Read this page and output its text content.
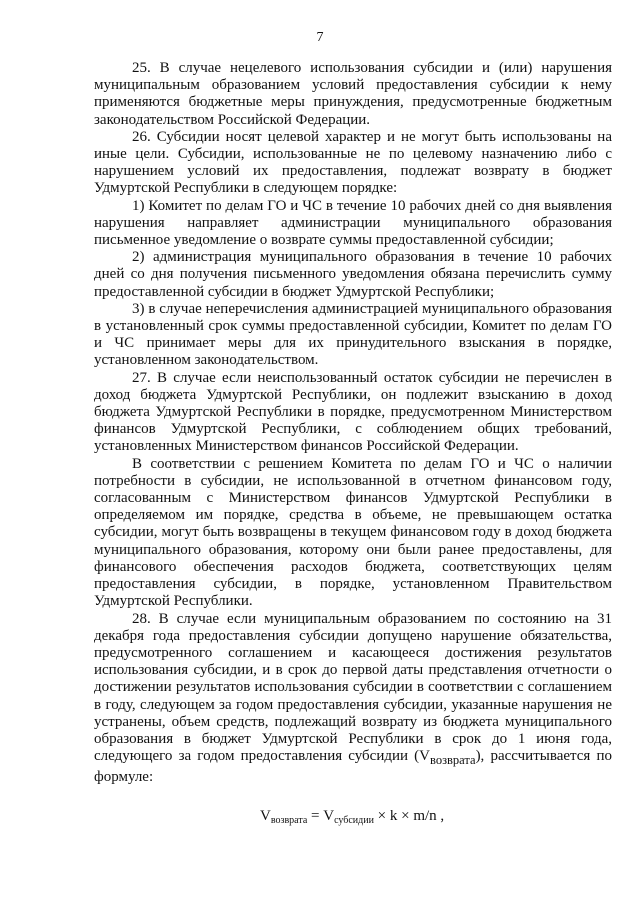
7

25. В случае нецелевого использования субсидии и (или) нарушения муниципальным образованием условий предоставления субсидии к нему применяются бюджетные меры принуждения, предусмотренные бюджетным законодательством Российской Федерации.

26. Субсидии носят целевой характер и не могут быть использованы на иные цели. Субсидии, использованные не по целевому назначению либо с нарушением условий их предоставления, подлежат возврату в бюджет Удмуртской Республики в следующем порядке:

1) Комитет по делам ГО и ЧС в течение 10 рабочих дней со дня выявления нарушения направляет администрации муниципального образования письменное уведомление о возврате суммы предоставленной субсидии;

2) администрация муниципального образования в течение 10 рабочих дней со дня получения письменного уведомления обязана перечислить сумму предоставленной субсидии в бюджет Удмуртской Республики;

3) в случае неперечисления администрацией муниципального образования в установленный срок суммы предоставленной субсидии, Комитет по делам ГО и ЧС принимает меры для их принудительного взыскания в порядке, установленном законодательством.

27. В случае если неиспользованный остаток субсидии не перечислен в доход бюджета Удмуртской Республики, он подлежит взысканию в доход бюджета Удмуртской Республики в порядке, предусмотренном Министерством финансов Удмуртской Республики, с соблюдением общих требований, установленных Министерством финансов Российской Федерации.

В соответствии с решением Комитета по делам ГО и ЧС о наличии потребности в субсидии, не использованной в отчетном финансовом году, согласованным с Министерством финансов Удмуртской Республики в определяемом им порядке, средства в объеме, не превышающем остатка субсидии, могут быть возвращены в текущем финансовом году в доход бюджета муниципального образования, которому они были ранее предоставлены, для финансового обеспечения расходов бюджета, соответствующих целям предоставления субсидии, в порядке, установленном Правительством Удмуртской Республики.

28. В случае если муниципальным образованием по состоянию на 31 декабря года предоставления субсидии допущено нарушение обязательства, предусмотренного соглашением и касающееся достижения результатов использования субсидии, и в срок до первой даты представления отчетности о достижении результатов использования субсидии в соответствии с соглашением в году, следующем за годом предоставления субсидии, указанные нарушения не устранены, объем средств, подлежащий возврату из бюджета муниципального образования в бюджет Удмуртской Республики в срок до 1 июня года, следующего за годом предоставления субсидии $(V_{возврата})$, рассчитывается по формуле:

$V_{возврата} = V_{субсидии} \times k \times m/n$ ,
